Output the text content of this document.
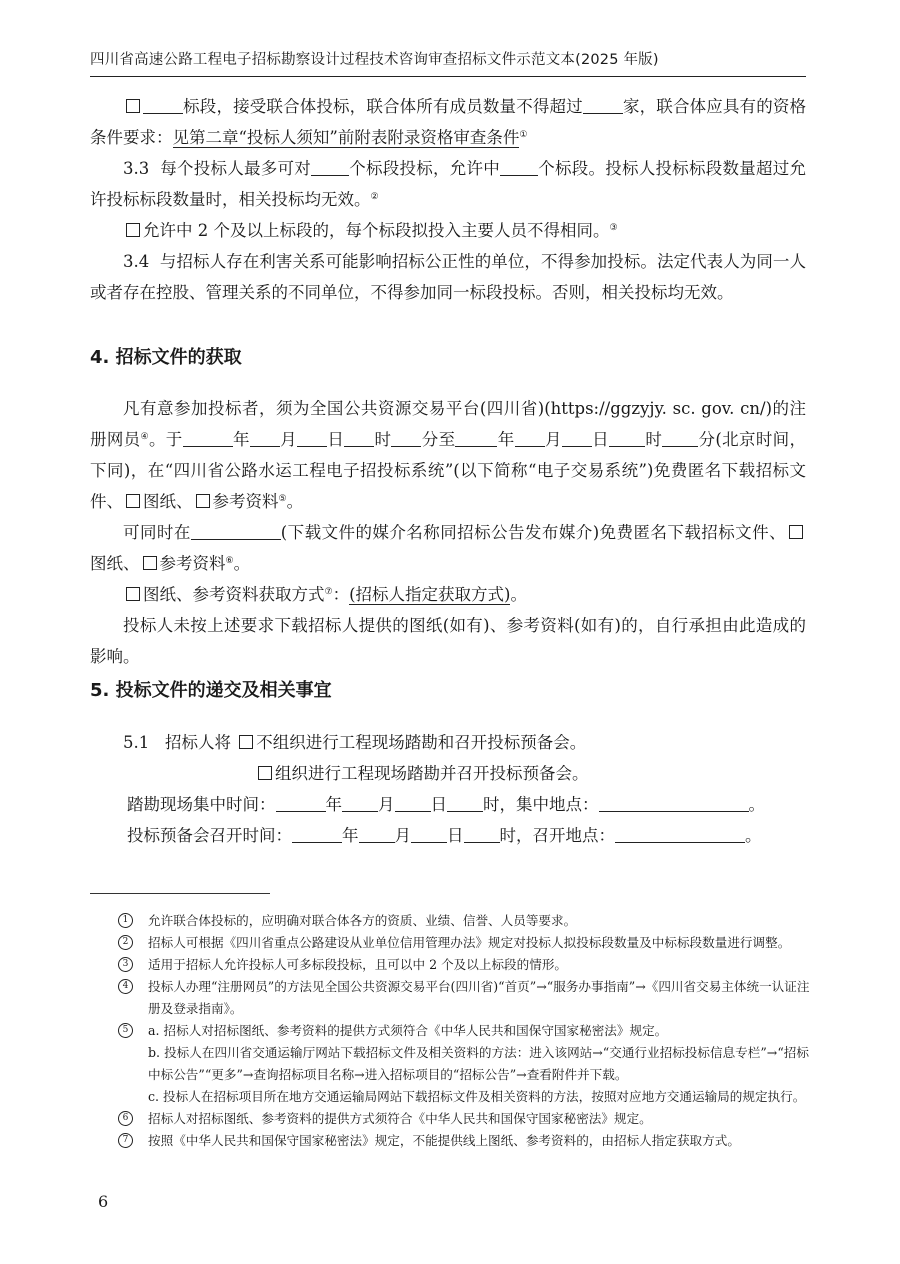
四川省高速公路工程电子招标勘察设计过程技术咨询审查招标文件示范文本(2025 年版)

标段，接受联合体投标，联合体所有成员数量不得超过 家，联合体应具有的资格条件要求：见第二章“投标人须知”前附表附录资格审查条件①

3.3 每个投标人最多可对 个标段投标，允许中 个标段。投标人投标标段数量超过允许投标标段数量时，相关投标均无效。②

允许中 2 个及以上标段的，每个标段拟投入主要人员不得相同。③

3.4 与招标人存在利害关系可能影响招标公正性的单位，不得参加投标。法定代表人为同一人或者存在控股、管理关系的不同单位，不得参加同一标段投标。否则，相关投标均无效。

4. 招标文件的获取

凡有意参加投标者，须为全国公共资源交易平台(四川省)(https://ggzyjy. sc. gov. cn/)的注册网员④。于	年 月 日 时 分至	年 月 日 时 分(北京时间，下同)，在“四川省公路水运工程电子招投标系统”(以下简称“电子交易系统”)免费匿名下载招标文件、 图纸、 参考资料⑤。

可同时在	(下载文件的媒介名称同招标公告发布媒介)免费匿名下载招标文件、图纸、 参考资料⑥。

图纸、参考资料获取方式⑦：(招标人指定获取方式)。

投标人未按上述要求下载招标人提供的图纸(如有)、参考资料(如有)的，自行承担由此造成的影响。

5. 投标文件的递交及相关事宜
5.1 招标人将 不组织进行工程现场踏勘和召开投标预备会。
组织进行工程现场踏勘并召开投标预备会。
踏勘现场集中时间：	年 月 日 时，集中地点：	。
投标预备会召开时间：	年 月 日 时，召开地点：	。
1	允许联合体投标的，应明确对联合体各方的资质、业绩、信誉、人员等要求。
2	招标人可根据《四川省重点公路建设从业单位信用管理办法》规定对投标人拟投标段数量及中标标段数量进行调整。
3	适用于招标人允许投标人可多标段投标，且可以中 2 个及以上标段的情形。
4	投标人办理“注册网员”的方法见全国公共资源交易平台(四川省)“首页”→“服务办事指南”→《四川省交易主体统一认证注册及登录指南》。
5	a. 招标人对招标图纸、参考资料的提供方式须符合《中华人民共和国保守国家秘密法》规定。
b. 投标人在四川省交通运输厅网站下载招标文件及相关资料的方法：进入该网站→“交通行业招标投标信息专栏”→“招标中标公告”“更多”→查询招标项目名称→进入招标项目的“招标公告”→查看附件并下载。
c. 投标人在招标项目所在地方交通运输局网站下载招标文件及相关资料的方法，按照对应地方交通运输局的规定执行。
6	招标人对招标图纸、参考资料的提供方式须符合《中华人民共和国保守国家秘密法》规定。
7	按照《中华人民共和国保守国家秘密法》规定，不能提供线上图纸、参考资料的，由招标人指定获取方式。
6
